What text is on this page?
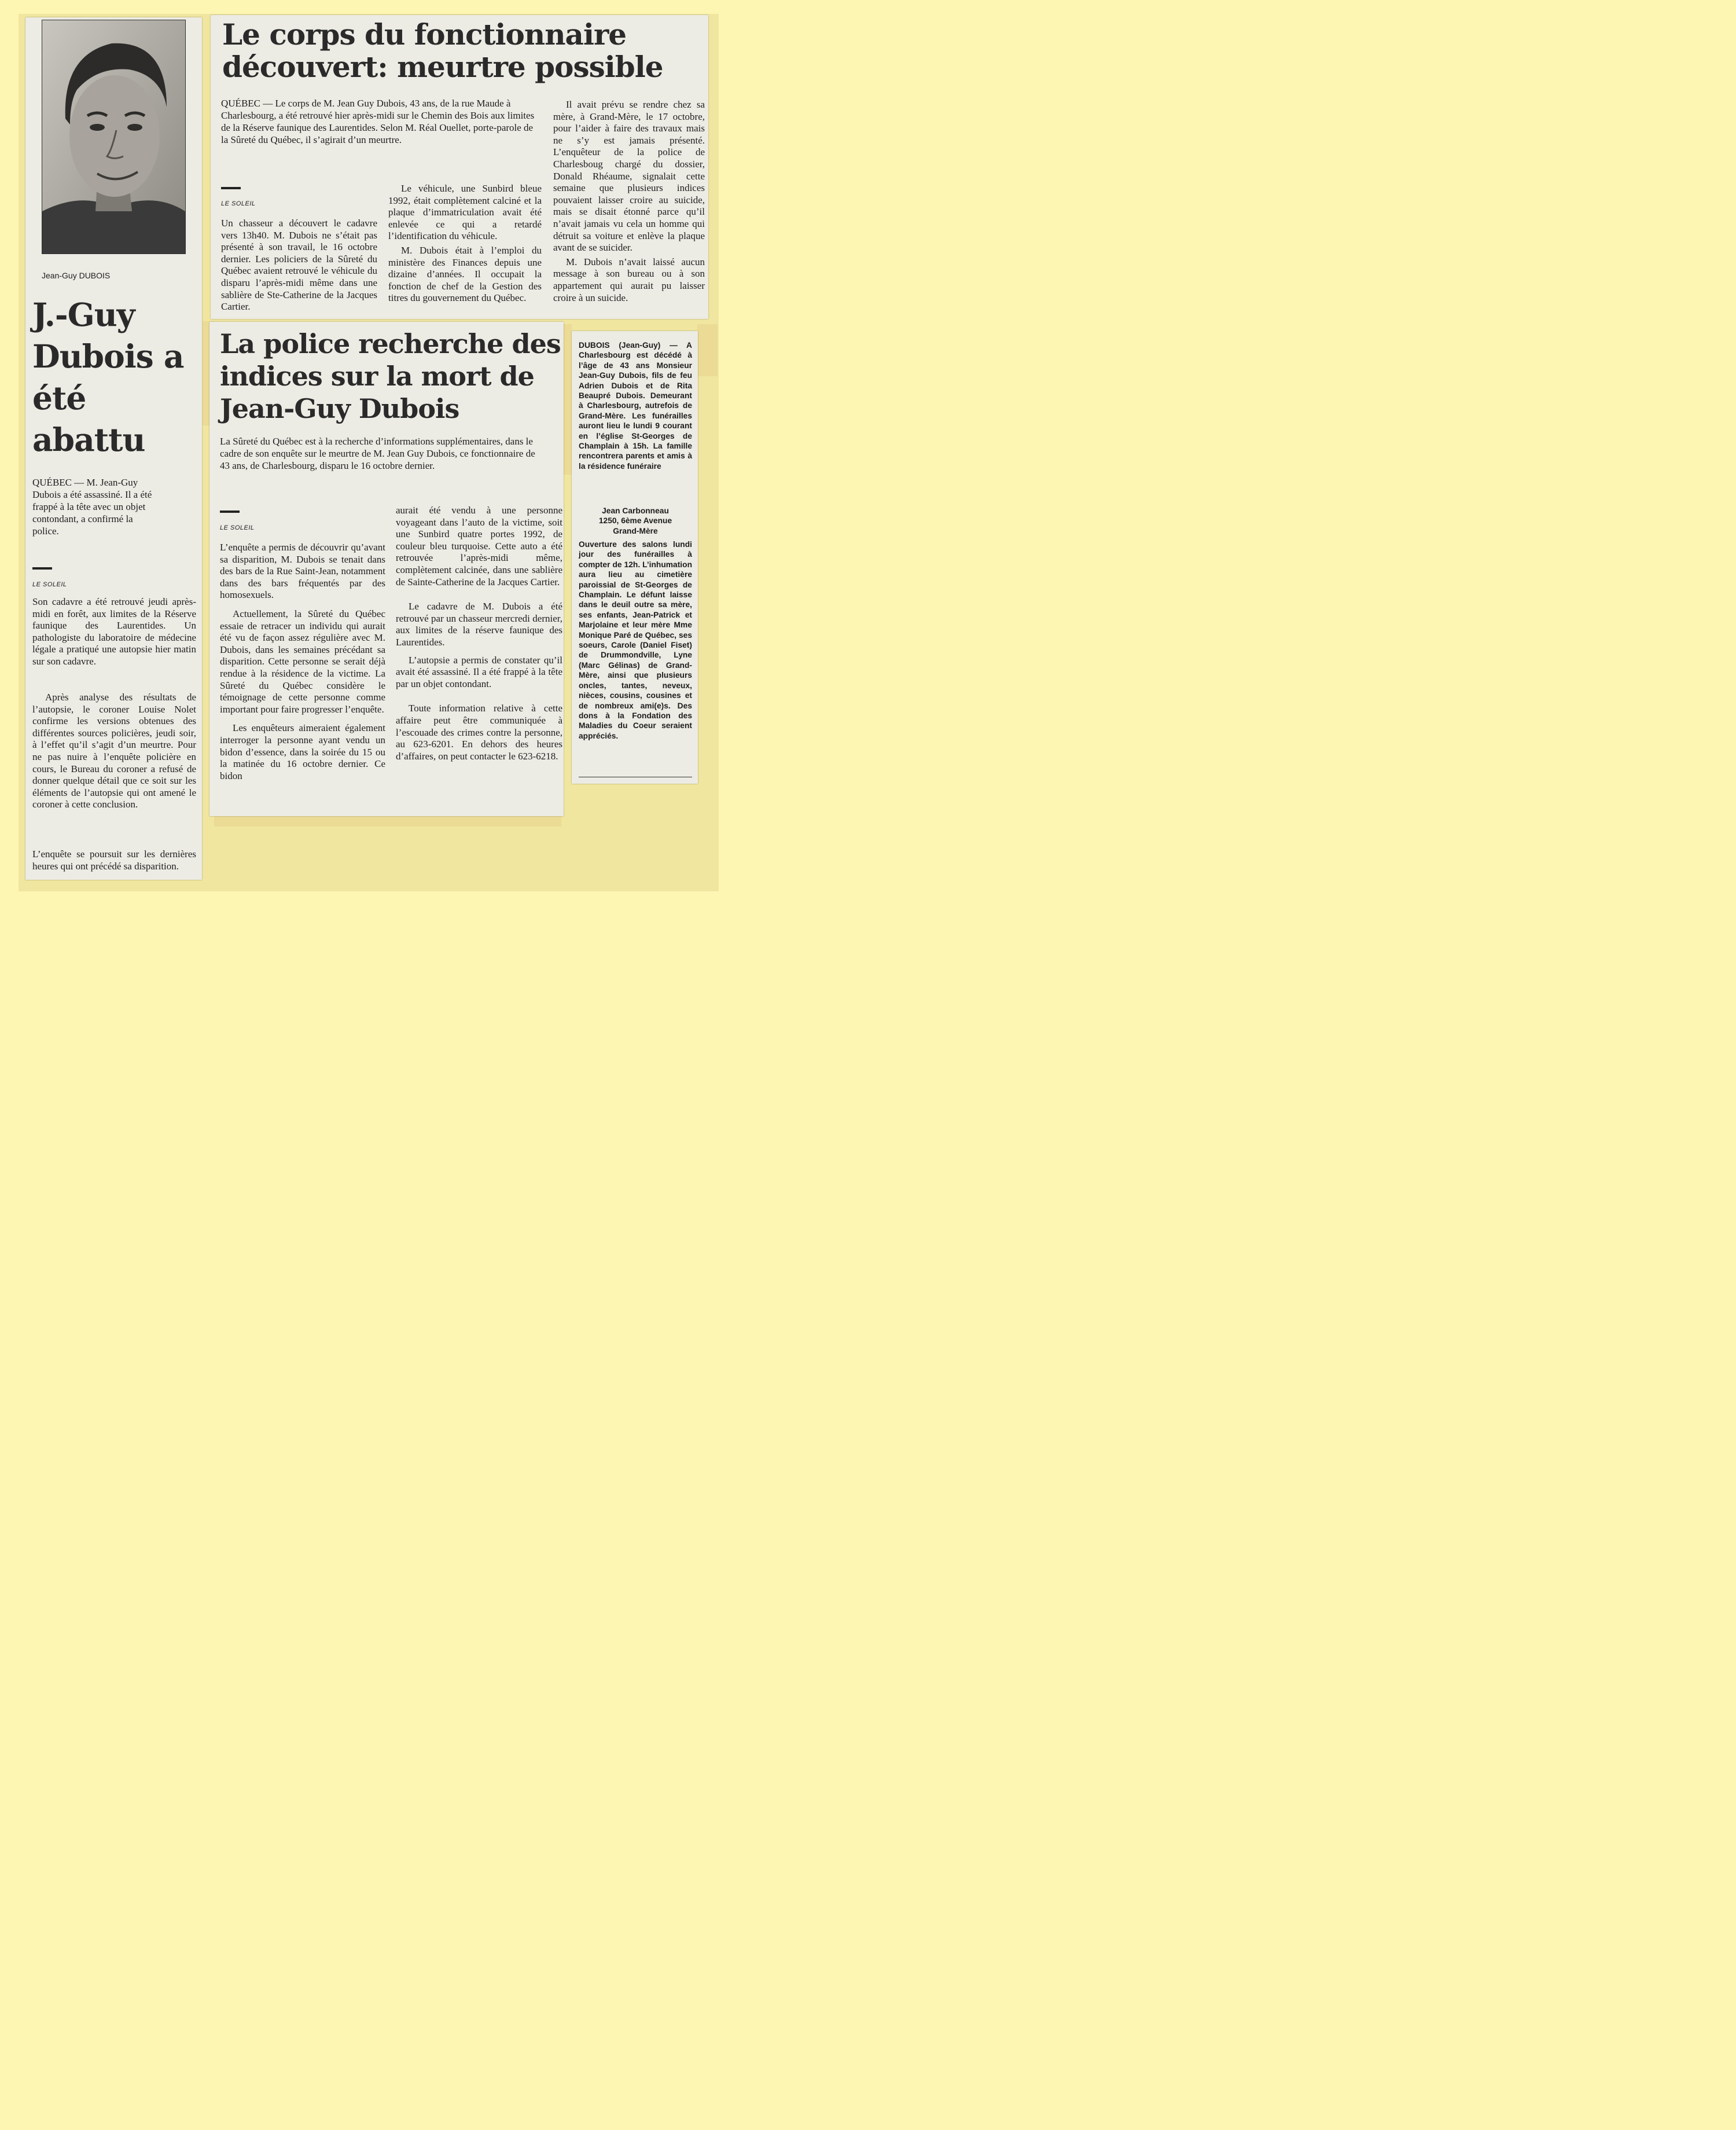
Jean-Guy DUBOIS
J.-Guy Dubois a été abattu

QUÉBEC — M. Jean-Guy Dubois a été assassiné. Il a été frappé à la tête avec un objet contondant, a confirmé la police.

LE SOLEIL

Son cadavre a été retrouvé jeudi après-midi en forêt, aux limites de la Réserve faunique des Laurentides. Un pathologiste du laboratoire de médecine légale a pratiqué une autopsie hier matin sur son cadavre.

Après analyse des résultats de l’autopsie, le coroner Louise Nolet confirme les versions obtenues des différentes sources policières, jeudi soir, à l’effet qu’il s’agit d’un meurtre. Pour ne pas nuire à l’enquête policière en cours, le Bureau du coroner a refusé de donner quelque détail que ce soit sur les éléments de l’autopsie qui ont amené le coroner à cette conclusion.

L’enquête se poursuit sur les dernières heures qui ont précédé sa disparition.

Le corps du fonctionnaire découvert: meurtre possible

QUÉBEC — Le corps de M. Jean Guy Dubois, 43 ans, de la rue Maude à Charlesbourg, a été retrouvé hier après-midi sur le Chemin des Bois aux limites de la Réserve faunique des Laurentides. Selon M. Réal Ouellet, porte-parole de la Sûreté du Québec, il s’agirait d’un meurtre.

LE SOLEIL

Un chasseur a découvert le cadavre vers 13h40. M. Dubois ne s’était pas présenté à son travail, le 16 octobre dernier. Les policiers de la Sûreté du Québec avaient retrouvé le véhicule du disparu l’après-midi même dans une sablière de Ste-Catherine de la Jacques Cartier.

Le véhicule, une Sunbird bleue 1992, était complètement calciné et la plaque d’immatriculation avait été enlevée ce qui a retardé l’identification du véhicule.

M. Dubois était à l’emploi du ministère des Finances depuis une dizaine d’années. Il occupait la fonction de chef de la Gestion des titres du gouvernement du Québec.

Il avait prévu se rendre chez sa mère, à Grand-Mère, le 17 octobre, pour l’aider à faire des travaux mais ne s’y est jamais présenté. L’enquêteur de la police de Charlesboug chargé du dossier, Donald Rhéaume, signalait cette semaine que plusieurs indices pouvaient laisser croire au suicide, mais se disait étonné parce qu’il n’avait jamais vu cela un homme qui détruit sa voiture et enlève la plaque avant de se suicider.

M. Dubois n’avait laissé aucun message à son bureau ou à son appartement qui aurait pu laisser croire à un suicide.

La police recherche des indices sur la mort de Jean-Guy Dubois

La Sûreté du Québec est à la recherche d’informations supplémentaires, dans le cadre de son enquête sur le meurtre de M. Jean Guy Dubois, ce fonctionnaire de 43 ans, de Charlesbourg, disparu le 16 octobre dernier.

LE SOLEIL

L’enquête a permis de découvrir qu’avant sa disparition, M. Dubois se tenait dans des bars de la Rue Saint-Jean, notamment dans des bars fréquentés par des homosexuels.

Actuellement, la Sûreté du Québec essaie de retracer un individu qui aurait été vu de façon assez régulière avec M. Dubois, dans les semaines précédant sa disparition. Cette personne se serait déjà rendue à la résidence de la victime. La Sûreté du Québec considère le témoignage de cette personne comme important pour faire progresser l’enquête.

Les enquêteurs aimeraient également interroger la personne ayant vendu un bidon d’essence, dans la soirée du 15 ou la matinée du 16 octobre dernier. Ce bidon

aurait été vendu à une personne voyageant dans l’auto de la victime, soit une Sunbird quatre portes 1992, de couleur bleu turquoise. Cette auto a été retrouvée l’après-midi même, complètement calcinée, dans une sablière de Sainte-Catherine de la Jacques Cartier.

Le cadavre de M. Dubois a été retrouvé par un chasseur mercredi dernier, aux limites de la réserve faunique des Laurentides.

L’autopsie a permis de constater qu’il avait été assassiné. Il a été frappé à la tête par un objet contondant.

Toute information relative à cette affaire peut être communiquée à l’escouade des crimes contre la personne, au 623-6201. En dehors des heures d’affaires, on peut contacter le 623-6218.

DUBOIS (Jean-Guy) — A Charlesbourg est décédé à l’âge de 43 ans Monsieur Jean-Guy Dubois, fils de feu Adrien Dubois et de Rita Beaupré Dubois. Demeurant à Charlesbourg, autrefois de Grand-Mère. Les funérailles auront lieu le lundi 9 courant en l’église St-Georges de Champlain à 15h. La famille rencontrera parents et amis à la résidence funéraire

Jean Carbonneau
1250, 6ème Avenue
Grand-Mère

Ouverture des salons lundi jour des funérailles à compter de 12h. L’inhumation aura lieu au cimetière paroissial de St-Georges de Champlain. Le défunt laisse dans le deuil outre sa mère, ses enfants, Jean-Patrick et Marjolaine et leur mère Mme Monique Paré de Québec, ses soeurs, Carole (Daniel Fiset) de Drummondville, Lyne (Marc Gélinas) de Grand-Mère, ainsi que plusieurs oncles, tantes, neveux, nièces, cousins, cousines et de nombreux ami(e)s. Des dons à la Fondation des Maladies du Coeur seraient appréciés.
